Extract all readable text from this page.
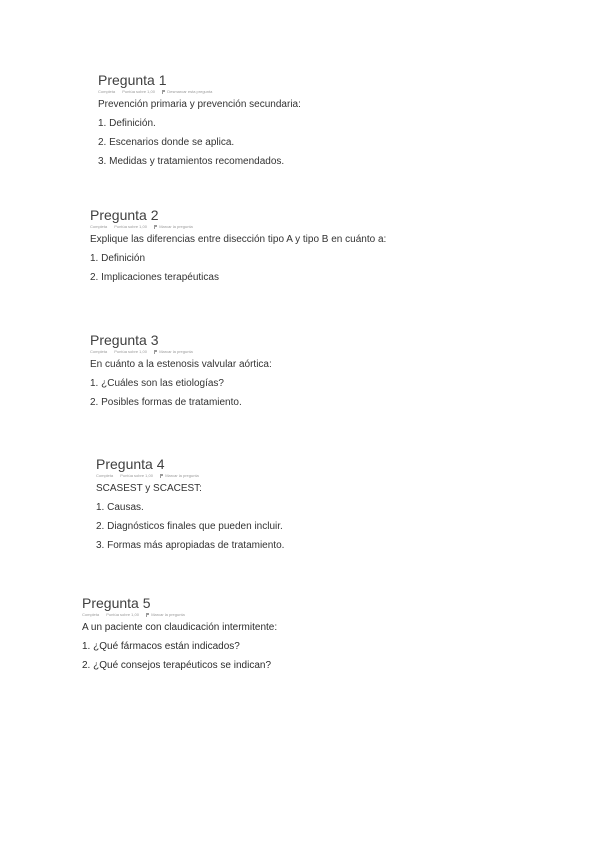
Pregunta 1
Completa Puntúa sobre 1,00	Desmarcar esta pregunta

Prevención primaria y prevención secundaria:

1. Definición.
2. Escenarios donde se aplica.
3. Medidas y tratamientos recomendados.
Pregunta 2
Completa Puntúa sobre 1,00	Marcar la pregunta

Explique las diferencias entre disección tipo A y tipo B en cuánto a:

1. Definición
2. Implicaciones terapéuticas
Pregunta 3
Completa Puntúa sobre 1,00	Marcar la pregunta

En cuánto a la estenosis valvular aórtica:

1. ¿Cuáles son las etiologías?
2. Posibles formas de tratamiento.
Pregunta 4
Completa Puntúa sobre 1,00	Marcar la pregunta

SCASEST y SCACEST:

1. Causas.
2. Diagnósticos finales que pueden incluir.
3. Formas más apropiadas de tratamiento.
Pregunta 5
Completa Puntúa sobre 1,00	Marcar la pregunta

A un paciente con claudicación intermitente:

1. ¿Qué fármacos están indicados?
2. ¿Qué consejos terapéuticos se indican?
